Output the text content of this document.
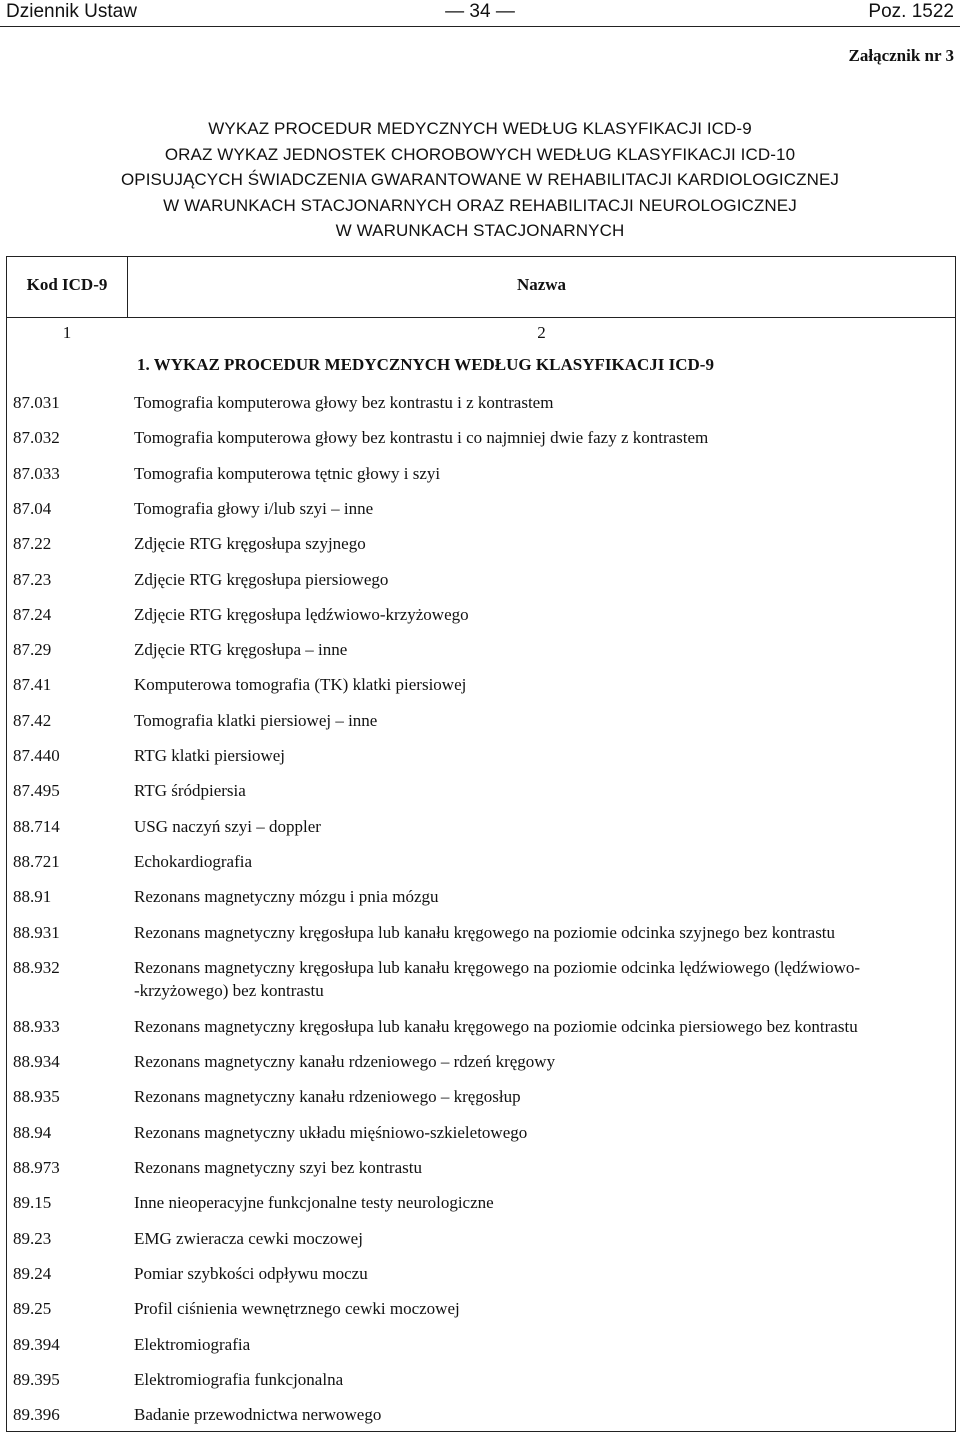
Dziennik Ustaw	— 34 —	Poz. 1522
Załącznik nr 3
WYKAZ PROCEDUR MEDYCZNYCH WEDŁUG KLASYFIKACJI ICD-9
ORAZ WYKAZ JEDNOSTEK CHOROBOWYCH WEDŁUG KLASYFIKACJI ICD-10
OPISUJĄCYCH ŚWIADCZENIA GWARANTOWANE W REHABILITACJI KARDIOLOGICZNEJ
W WARUNKACH STACJONARNYCH ORAZ REHABILITACJI NEUROLOGICZNEJ
W WARUNKACH STACJONARNYCH
Kod ICD-9	Nazwa
1	2
1. WYKAZ PROCEDUR MEDYCZNYCH WEDŁUG KLASYFIKACJI ICD-9
87.031	Tomografia komputerowa głowy bez kontrastu i z kontrastem
87.032	Tomografia komputerowa głowy bez kontrastu i co najmniej dwie fazy z kontrastem
87.033	Tomografia komputerowa tętnic głowy i szyi
87.04	Tomografia głowy i/lub szyi – inne
87.22	Zdjęcie RTG kręgosłupa szyjnego
87.23	Zdjęcie RTG kręgosłupa piersiowego
87.24	Zdjęcie RTG kręgosłupa lędźwiowo-krzyżowego
87.29	Zdjęcie RTG kręgosłupa – inne
87.41	Komputerowa tomografia (TK) klatki piersiowej
87.42	Tomografia klatki piersiowej – inne
87.440	RTG klatki piersiowej
87.495	RTG śródpiersia
88.714	USG naczyń szyi – doppler
88.721	Echokardiografia
88.91	Rezonans magnetyczny mózgu i pnia mózgu
88.931	Rezonans magnetyczny kręgosłupa lub kanału kręgowego na poziomie odcinka szyjnego bez kontrastu
88.932	Rezonans magnetyczny kręgosłupa lub kanału kręgowego na poziomie odcinka lędźwiowego (lędźwiowo-
-krzyżowego) bez kontrastu
88.933	Rezonans magnetyczny kręgosłupa lub kanału kręgowego na poziomie odcinka piersiowego bez kontrastu
88.934	Rezonans magnetyczny kanału rdzeniowego – rdzeń kręgowy
88.935	Rezonans magnetyczny kanału rdzeniowego – kręgosłup
88.94	Rezonans magnetyczny układu mięśniowo-szkieletowego
88.973	Rezonans magnetyczny szyi bez kontrastu
89.15	Inne nieoperacyjne funkcjonalne testy neurologiczne
89.23	EMG zwieracza cewki moczowej
89.24	Pomiar szybkości odpływu moczu
89.25	Profil ciśnienia wewnętrznego cewki moczowej
89.394	Elektromiografia
89.395	Elektromiografia funkcjonalna
89.396	Badanie przewodnictwa nerwowego
